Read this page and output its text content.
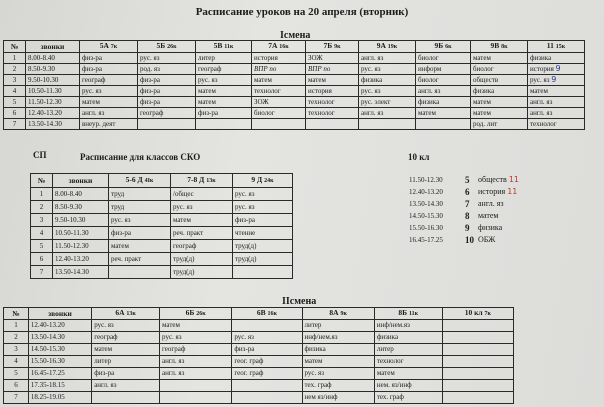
Расписание уроков на 20 апреля (вторник)
Iсмена
№	звонки	5А 7к	5Б 26к	5В 11к	7А 16к	7Б 9к	9А 19к	9Б 6к	9В 8к	11 15к
1	8.00-8.40	физ-ра	рус. яз	литер	история	ЗОЖ	англ. яз	биолог	матем	физика
2	8.50-9.30	физ-ра	род. яз	географ	ВПР по	ВПР по	рус. яз	информ	биолог	история 9
3	9.50-10.30	географ	физ-ра	рус. яз	матем	матем	физика	биолог	обществ	рус. яз 9
4	10.50-11.30	рус. яз	физ-ра	матем	технолог	история	рус. яз	англ. яз	физика	матем
5	11.50-12.30	матем	физ-ра	матем	ЗОЖ	технолог	рус. элект	физика	матем	англ. яз
6	12.40-13.20	англ. яз	географ	физ-ра	биолог	технолог	англ. яз	матем	матем	англ. яз
7	13.50-14.30	внеур. деят							род. лит	технолог
СП	Расписание для классов СКО	10 кл
№	звонки	5-6 Д 4Iк	7-8 Д 13к	9 Д 24к
1	8.00-8.40	труд	/общес	рус. яз
2	8.50-9.30	труд	рус. яз	рус. яз
3	9.50-10.30	рус. яз	матем	физ-ра
4	10.50-11.30	физ-ра	реч. практ	чтение
5	11.50-12.30	матем	географ	труд(д)
6	12.40-13.20	реч. практ	труд(д)	труд(д)
7	13.50-14.30		труд(д)	
11.50-12.30	5	обществ 11
12.40-13.20	6	история 11
13.50-14.30	7	англ. яз
14.50-15.30	8	матем
15.50-16.30	9	физика
16.45-17.25	10	ОБЖ
IIсмена
№	звонки	6А 13к	6Б 26к	6В 16к	8А 9к	8Б 11к	10 кл 7к
1	12.40-13.20	рус. яз	матем		литер	инф/нем.яз	
2	13.50-14.30	географ	рус. яз	рус. яз	инф/нем.яз	физика	
3	14.50-15.30	матем	географ	физ-ра	физика	литер	
4	15.50-16.30	литер	англ. яз	геог. граф	матем	технолог	
5	16.45-17.25	физ-ра	англ. яз	геог. граф	рус. яз	матем	
6	17.35-18.15	англ. яз			тех. граф	нем. яз/инф	
7	18.25-19.05				нем яз/инф	тех. граф	
